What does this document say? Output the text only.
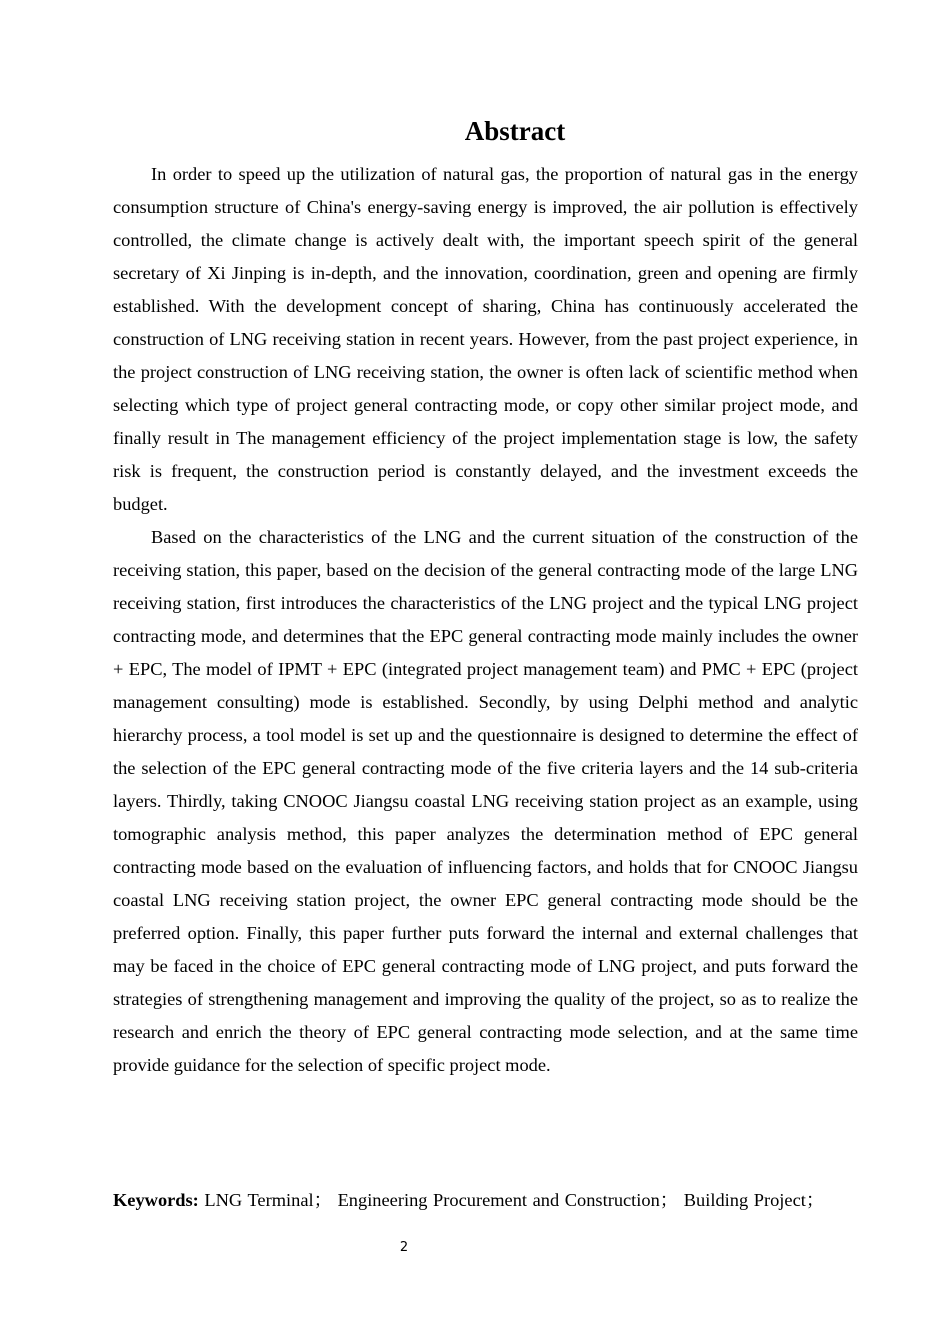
Abstract

In order to speed up the utilization of natural gas, the proportion of natural gas in the energy consumption structure of China's energy-saving energy is improved, the air pollution is effectively controlled, the climate change is actively dealt with, the important speech spirit of the general secretary of Xi Jinping is in-depth, and the innovation, coordination, green and opening are firmly established. With the development concept of sharing, China has continuously accelerated the construction of LNG receiving station in recent years. However, from the past project experience, in the project construction of LNG receiving station, the owner is often lack of scientific method when selecting which type of project general contracting mode, or copy other similar project mode, and finally result in The management efficiency of the project implementation stage is low, the safety risk is frequent, the construction period is constantly delayed, and the investment exceeds the budget.

Based on the characteristics of the LNG and the current situation of the construction of the receiving station, this paper, based on the decision of the general contracting mode of the large LNG receiving station, first introduces the characteristics of the LNG project and the typical LNG project contracting mode, and determines that the EPC general contracting mode mainly includes the owner + EPC, The model of IPMT + EPC (integrated project management team) and PMC + EPC (project management consulting) mode is established. Secondly, by using Delphi method and analytic hierarchy process, a tool model is set up and the questionnaire is designed to determine the effect of the selection of the EPC general contracting mode of the five criteria layers and the 14 sub-criteria layers. Thirdly, taking CNOOC Jiangsu coastal LNG receiving station project as an example, using tomographic analysis method, this paper analyzes the determination method of EPC general contracting mode based on the evaluation of influencing factors, and holds that for CNOOC Jiangsu coastal LNG receiving station project, the owner EPC general contracting mode should be the preferred option. Finally, this paper further puts forward the internal and external challenges that may be faced in the choice of EPC general contracting mode of LNG project, and puts forward the strategies of strengthening management and improving the quality of the project, so as to realize the research and enrich the theory of EPC general contracting mode selection, and at the same time provide guidance for the selection of specific project mode.

Keywords: LNG Terminal； Engineering Procurement and Construction； Building Project；
2
